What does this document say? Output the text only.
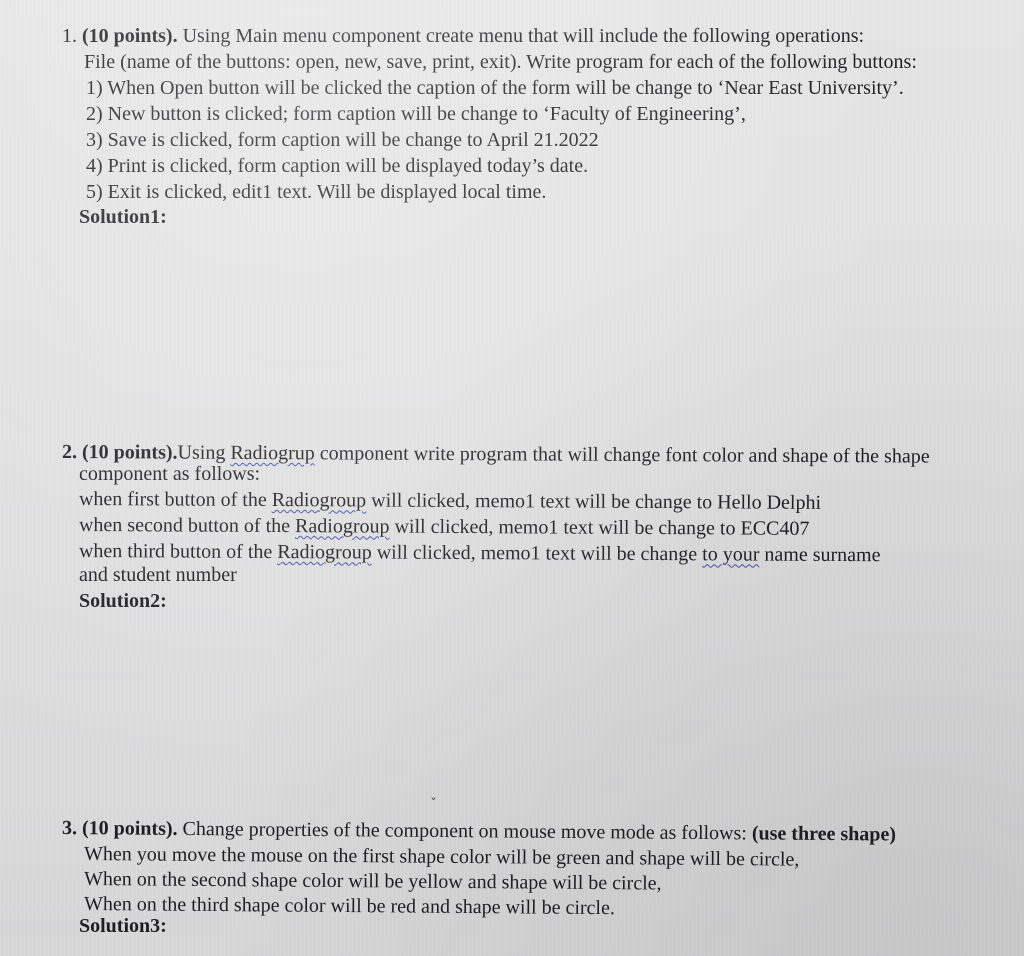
1. (10 points). Using Main menu component create menu that will include the following operations:
File (name of the buttons: open, new, save, print, exit). Write program for each of the following buttons:
1) When Open button will be clicked the caption of the form will be change to ‘Near East University’.
2) New button is clicked; form caption will be change to ‘Faculty of Engineering’,
3) Save is clicked, form caption will be change to April 21.2022
4) Print is clicked, form caption will be displayed today’s date.
5) Exit is clicked, edit1 text. Will be displayed local time.
Solution1:
2. (10 points).Using Radiogrup component write program that will change font color and shape of the shape
component as follows:
when first button of the Radiogroup will clicked, memo1 text will be change to Hello Delphi
when second button of the Radiogroup will clicked, memo1 text will be change to ECC407
when third button of the Radiogroup will clicked, memo1 text will be change to your name surname
and student number
Solution2:
ˇ
3. (10 points). Change properties of the component on mouse move mode as follows: (use three shape)
When you move the mouse on the first shape color will be green and shape will be circle,
When on the second shape color will be yellow and shape will be circle,
When on the third shape color will be red and shape will be circle.
Solution3:
